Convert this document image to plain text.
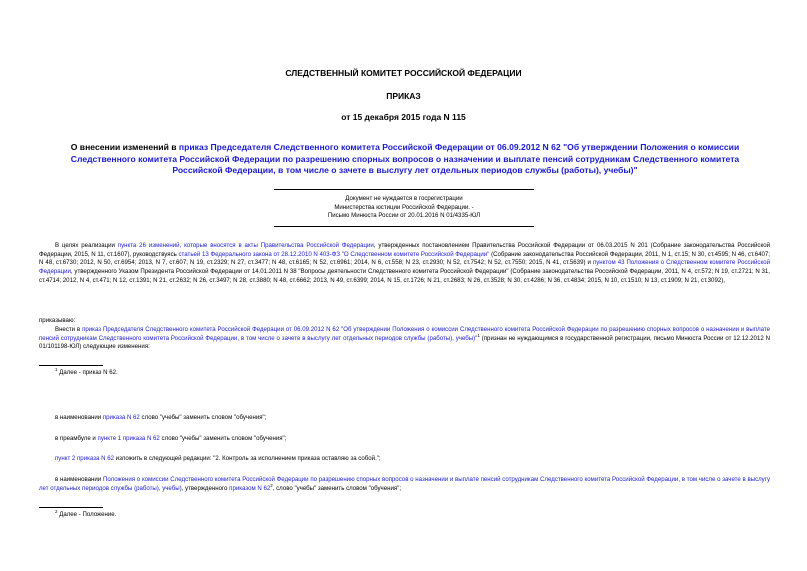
СЛЕДСТВЕННЫЙ КОМИТЕТ РОССИЙСКОЙ ФЕДЕРАЦИИ
ПРИКАЗ
от 15 декабря 2015 года N 115
О внесении изменений в приказ Председателя Следственного комитета Российской Федерации от 06.09.2012 N 62 "Об утверждении Положения о комиссии Следственного комитета Российской Федерации по разрешению спорных вопросов о назначении и выплате пенсий сотрудникам Следственного комитета Российской Федерации, в том числе о зачете в выслугу лет отдельных периодов службы (работы), учебы)"
Документ не нуждается в госрегистрации
Министерства юстиции Российской Федерации. -
Письмо Минюста России от 20.01.2016 N 01/4335-ЮЛ
В целях реализации пункта 26 изменений, которые вносятся в акты Правительства Российской Федерации, утвержденных постановлением Правительства Российской Федерации от 06.03.2015 N 201 (Собрание законодательства Российской Федерации, 2015, N 11, ст.1607), руководствуясь статьей 13 Федерального закона от 28.12.2010 N 403-ФЗ "О Следственном комитете Российской Федерации" (Собрание законодательства Российской Федерации, 2011, N 1, ст.15; N 30, ст.4595; N 46, ст.6407; N 48, ст.6730; 2012, N 50, ст.6954; 2013, N 7, ст.607; N 19, ст.2329; N 27, ст.3477; N 48, ст.6165; N 52, ст.6961; 2014, N 6, ст.558; N 23, ст.2930; N 52, ст.7542; N 52, ст.7550; 2015, N 41, ст.5639) и пунктом 43 Положения о Следственном комитете Российской Федерации, утвержденного Указом Президента Российской Федерации от 14.01.2011 N 38 "Вопросы деятельности Следственного комитета Российской Федерации" (Собрание законодательства Российской Федерации, 2011, N 4, ст.572; N 19, ст.2721; N 31, ст.4714; 2012, N 4, ст.471; N 12, ст.1391; N 21, ст.2632; N 26, ст.3497; N 28, ст.3880; N 48, ст.6662; 2013, N 49, ст.6399; 2014, N 15, ст.1726; N 21, ст.2683; N 26, ст.3528; N 30, ст.4286; N 36, ст.4834; 2015, N 10, ст.1510; N 13, ст.1909; N 21, ст.3092),
приказываю:
Внести в приказ Председателя Следственного комитета Российской Федерации от 06.09.2012 N 62 "Об утверждении Положения о комиссии Следственного комитета Российской Федерации по разрешению спорных вопросов о назначении и выплате пенсий сотрудникам Следственного комитета Российской Федерации, в том числе о зачете в выслугу лет отдельных периодов службы (работы), учебы)"$^1$ (признан не нуждающимся в государственной регистрации, письмо Минюста России от 12.12.2012 N 01/101198-ЮЛ) следующие изменения:
$^1$ Далее - приказ N 62.
в наименовании приказа N 62 слово "учебы" заменить словом "обучения";
в преамбуле и пункте 1 приказа N 62 слово "учебы" заменить словом "обучения";
пункт 2 приказа N 62 изложить в следующей редакции: "2. Контроль за исполнением приказа оставляю за собой.";
в наименовании Положения о комиссии Следственного комитета Российской Федерации по разрешению спорных вопросов о назначении и выплате пенсий сотрудникам Следственного комитета Российской Федерации, в том числе о зачете в выслугу лет отдельных периодов службы (работы), учебы), утвержденного приказом N $62^2$, слово "учебы" заменить словом "обучения";
$^2$ Далее - Положение.
